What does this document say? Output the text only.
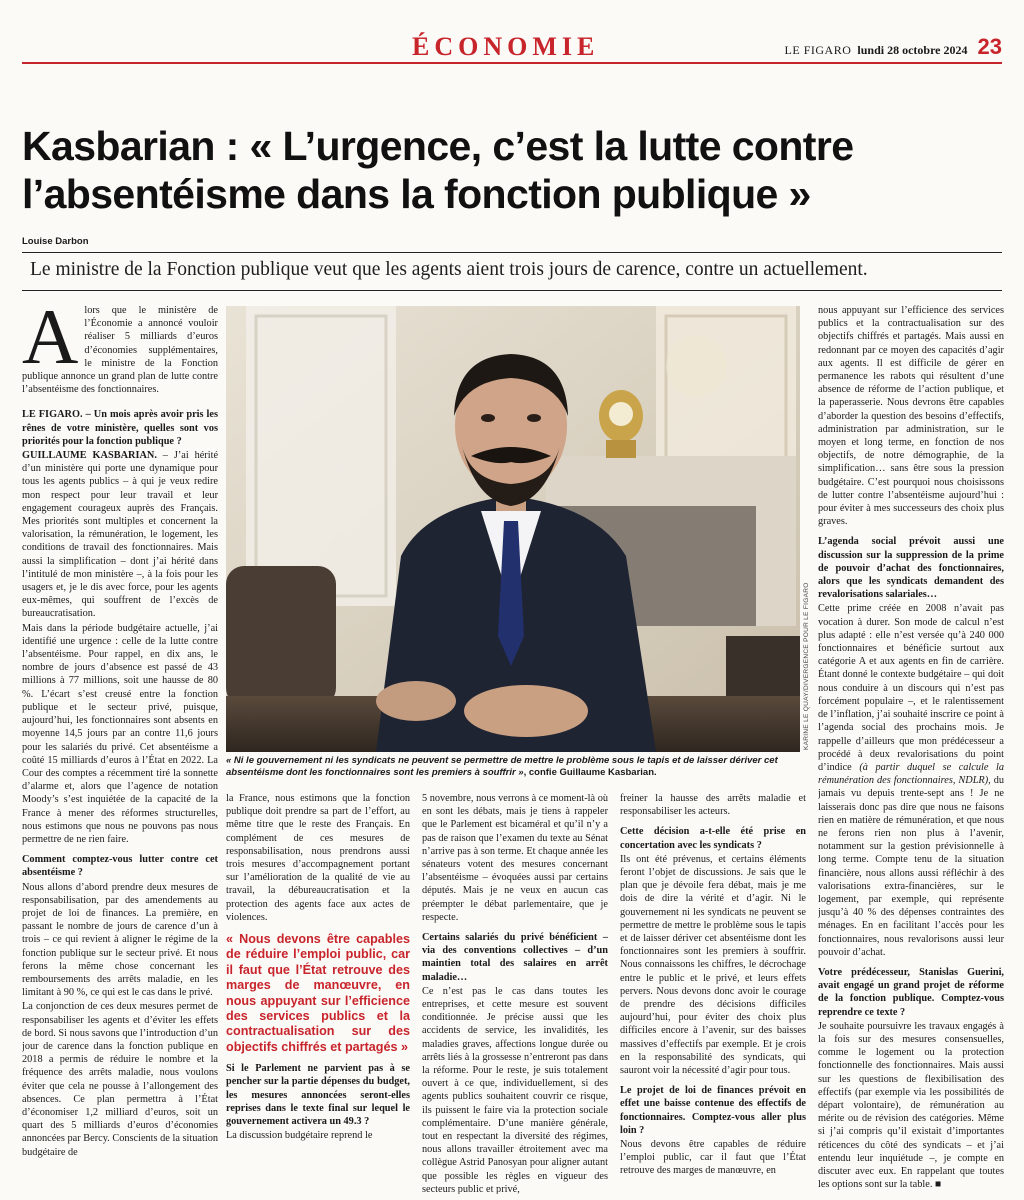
ÉCONOMIE	LE FIGARO lundi 28 octobre 2024 23
Kasbarian : « L’urgence, c’est la lutte contre
l’absentéisme dans la fonction publique »
Louise Darbon
Le ministre de la Fonction publique veut que les agents aient trois jours de carence, contre un actuellement.

Alors que le ministère de l’Économie a annoncé vouloir réaliser 5 milliards d’euros d’économies supplémentaires, le ministre de la Fonction publique annonce un grand plan de lutte contre l’absentéisme des fonctionnaires.

LE FIGARO. – Un mois après avoir pris les rênes de votre ministère, quelles sont vos priorités pour la fonction publique ?

GUILLAUME KASBARIAN. – J’ai hérité d’un ministère qui porte une dynamique pour tous les agents publics – à qui je veux redire mon respect pour leur travail et leur engagement courageux auprès des Français. Mes priorités sont multiples et concernent la valorisation, la rémunération, le logement, les conditions de travail des fonctionnaires. Mais aussi la simplification – dont j’ai hérité dans l’intitulé de mon ministère –, à la fois pour les usagers et, je le dis avec force, pour les agents eux-mêmes, qui souffrent de l’excès de bureaucratisation.

Mais dans la période budgétaire actuelle, j’ai identifié une urgence : celle de la lutte contre l’absentéisme. Pour rappel, en dix ans, le nombre de jours d’absence est passé de 43 millions à 77 millions, soit une hausse de 80 %. L’écart s’est creusé entre la fonction publique et le secteur privé, puisque, aujourd’hui, les fonctionnaires sont absents en moyenne 14,5 jours par an contre 11,6 jours pour les salariés du privé. Cet absentéisme a coûté 15 milliards d’euros à l’État en 2022. La Cour des comptes a récemment tiré la sonnette d’alarme et, alors que l’agence de notation Moody’s s’est inquiétée de la capacité de la France à mener des réformes structurelles, nous estimons que nous ne pouvons pas nous permettre de ne rien faire.

Comment comptez-vous lutter contre cet absentéisme ?

Nous allons d’abord prendre deux mesures de responsabilisation, par des amendements au projet de loi de finances. La première, en passant le nombre de jours de carence d’un à trois – ce qui revient à aligner le régime de la fonction publique sur le secteur privé. Et nous ferons la même chose concernant les remboursements des arrêts maladie, en les limitant à 90 %, ce qui est le cas dans le privé.

La conjonction de ces deux mesures permet de responsabiliser les agents et d’éviter les effets de bord. Si nous savons que l’introduction d’un jour de carence dans la fonction publique en 2018 a permis de réduire le nombre et la fréquence des arrêts maladie, nous voulons éviter que cela ne pousse à l’allongement des absences. Ce plan permettra à l’État d’économiser 1,2 milliard d’euros, soit un quart des 5 milliards d’euros d’économies annoncées par Bercy. Conscients de la situation budgétaire de

KARINE LE QUAY/DIVERGENCE POUR LE FIGARO

« Ni le gouvernement ni les syndicats ne peuvent se permettre de mettre le problème sous le tapis et de laisser dériver cet absentéisme dont les fonctionnaires sont les premiers à souffrir », confie Guillaume Kasbarian.

la France, nous estimons que la fonction publique doit prendre sa part de l’effort, au même titre que le reste des Français. En complément de ces mesures de responsabilisation, nous prendrons aussi trois mesures d’accompagnement portant sur l’amélioration de la qualité de vie au travail, la débureaucratisation et la protection des agents face aux actes de violences.

« Nous devons être capables de réduire l’emploi public, car il faut que l’État retrouve des marges de manœuvre, en nous appuyant sur l’efficience des services publics et la contractualisation sur des objectifs chiffrés et partagés »

Si le Parlement ne parvient pas à se pencher sur la partie dépenses du budget, les mesures annoncées seront-elles reprises dans le texte final sur lequel le gouvernement activera un 49.3 ?

La discussion budgétaire reprend le

5 novembre, nous verrons à ce moment-là où en sont les débats, mais je tiens à rappeler que le Parlement est bicaméral et qu’il n’y a pas de raison que l’examen du texte au Sénat n’arrive pas à son terme. Et chaque année les sénateurs votent des mesures concernant l’absentéisme – évoquées aussi par certains députés. Mais je ne veux en aucun cas préempter le débat parlementaire, que je respecte.

Certains salariés du privé bénéficient – via des conventions collectives – d’un maintien total des salaires en arrêt maladie…

Ce n’est pas le cas dans toutes les entreprises, et cette mesure est souvent conditionnée. Je précise aussi que les accidents de service, les invalidités, les maladies graves, affections longue durée ou arrêts liés à la grossesse n’entreront pas dans la réforme. Pour le reste, je suis totalement ouvert à ce que, individuellement, si des agents publics souhaitent couvrir ce risque, ils puissent le faire via la protection sociale complémentaire. D’une manière générale, tout en respectant la diversité des régimes, nous allons travailler étroitement avec ma collègue Astrid Panosyan pour aligner autant que possible les règles en vigueur des secteurs public et privé,

freiner la hausse des arrêts maladie et responsabiliser les acteurs.

Cette décision a-t-elle été prise en concertation avec les syndicats ?

Ils ont été prévenus, et certains éléments feront l’objet de discussions. Je sais que le plan que je dévoile fera débat, mais je me dois de dire la vérité et d’agir. Ni le gouvernement ni les syndicats ne peuvent se permettre de mettre le problème sous le tapis et de laisser dériver cet absentéisme dont les fonctionnaires sont les premiers à souffrir. Nous connaissons les chiffres, le décrochage entre le public et le privé, et leurs effets pervers. Nous devons donc avoir le courage de prendre des décisions difficiles aujourd’hui, pour éviter des choix plus difficiles encore à l’avenir, sur des baisses massives d’effectifs par exemple. Et je crois en la responsabilité des syndicats, qui sauront voir la nécessité d’agir pour tous.

Le projet de loi de finances prévoit en effet une baisse contenue des effectifs de fonctionnaires. Comptez-vous aller plus loin ?

Nous devons être capables de réduire l’emploi public, car il faut que l’État retrouve des marges de manœuvre, en

nous appuyant sur l’efficience des services publics et la contractualisation sur des objectifs chiffrés et partagés. Mais aussi en redonnant par ce moyen des capacités d’agir aux agents. Il est difficile de gérer en permanence les rabots qui résultent d’une absence de réforme de l’action publique, et la paperasserie. Nous devrons être capables d’aborder la question des besoins d’effectifs, administration par administration, sur le moyen et long terme, en fonction de nos objectifs, de notre démographie, de la simplification… sans être sous la pression budgétaire. C’est pourquoi nous choisissons de lutter contre l’absentéisme aujourd’hui : pour éviter à mes successeurs des choix plus graves.

L’agenda social prévoit aussi une discussion sur la suppression de la prime de pouvoir d’achat des fonctionnaires, alors que les syndicats demandent des revalorisations salariales…

Cette prime créée en 2008 n’avait pas vocation à durer. Son mode de calcul n’est plus adapté : elle n’est versée qu’à 240 000 fonctionnaires et bénéficie surtout aux catégorie A et aux agents en fin de carrière. Étant donné le contexte budgétaire – qui doit nous conduire à un discours qui n’est pas forcément populaire –, et le ralentissement de l’inflation, j’ai souhaité inscrire ce point à l’agenda social des prochains mois. Je rappelle d’ailleurs que mon prédécesseur a procédé à deux revalorisations du point d’indice (à partir duquel se calcule la rémunération des fonctionnaires, NDLR), du jamais vu depuis trente-sept ans ! Je ne laisserais donc pas dire que nous ne faisons rien en matière de rémunération, et que nous ne ferons rien non plus à l’avenir, notamment sur la gestion prévisionnelle à long terme. Compte tenu de la situation financière, nous allons aussi réfléchir à des valorisations extra-financières, sur le logement, par exemple, qui représente jusqu’à 40 % des dépenses contraintes des ménages. En en facilitant l’accès pour les fonctionnaires, nous revalorisons aussi leur pouvoir d’achat.

Votre prédécesseur, Stanislas Guerini, avait engagé un grand projet de réforme de la fonction publique. Comptez-vous reprendre ce texte ?

Je souhaite poursuivre les travaux engagés à la fois sur des mesures consensuelles, comme le logement ou la protection fonctionnelle des fonctionnaires. Mais aussi sur les questions de flexibilisation des effectifs (par exemple via les possibilités de départ volontaire), de rémunération au mérite ou de révision des catégories. Même si j’ai compris qu’il existait d’importantes réticences du côté des syndicats – et j’ai entendu leur inquiétude –, je compte en discuter avec eux. En rappelant que toutes les options sont sur la table. ■
